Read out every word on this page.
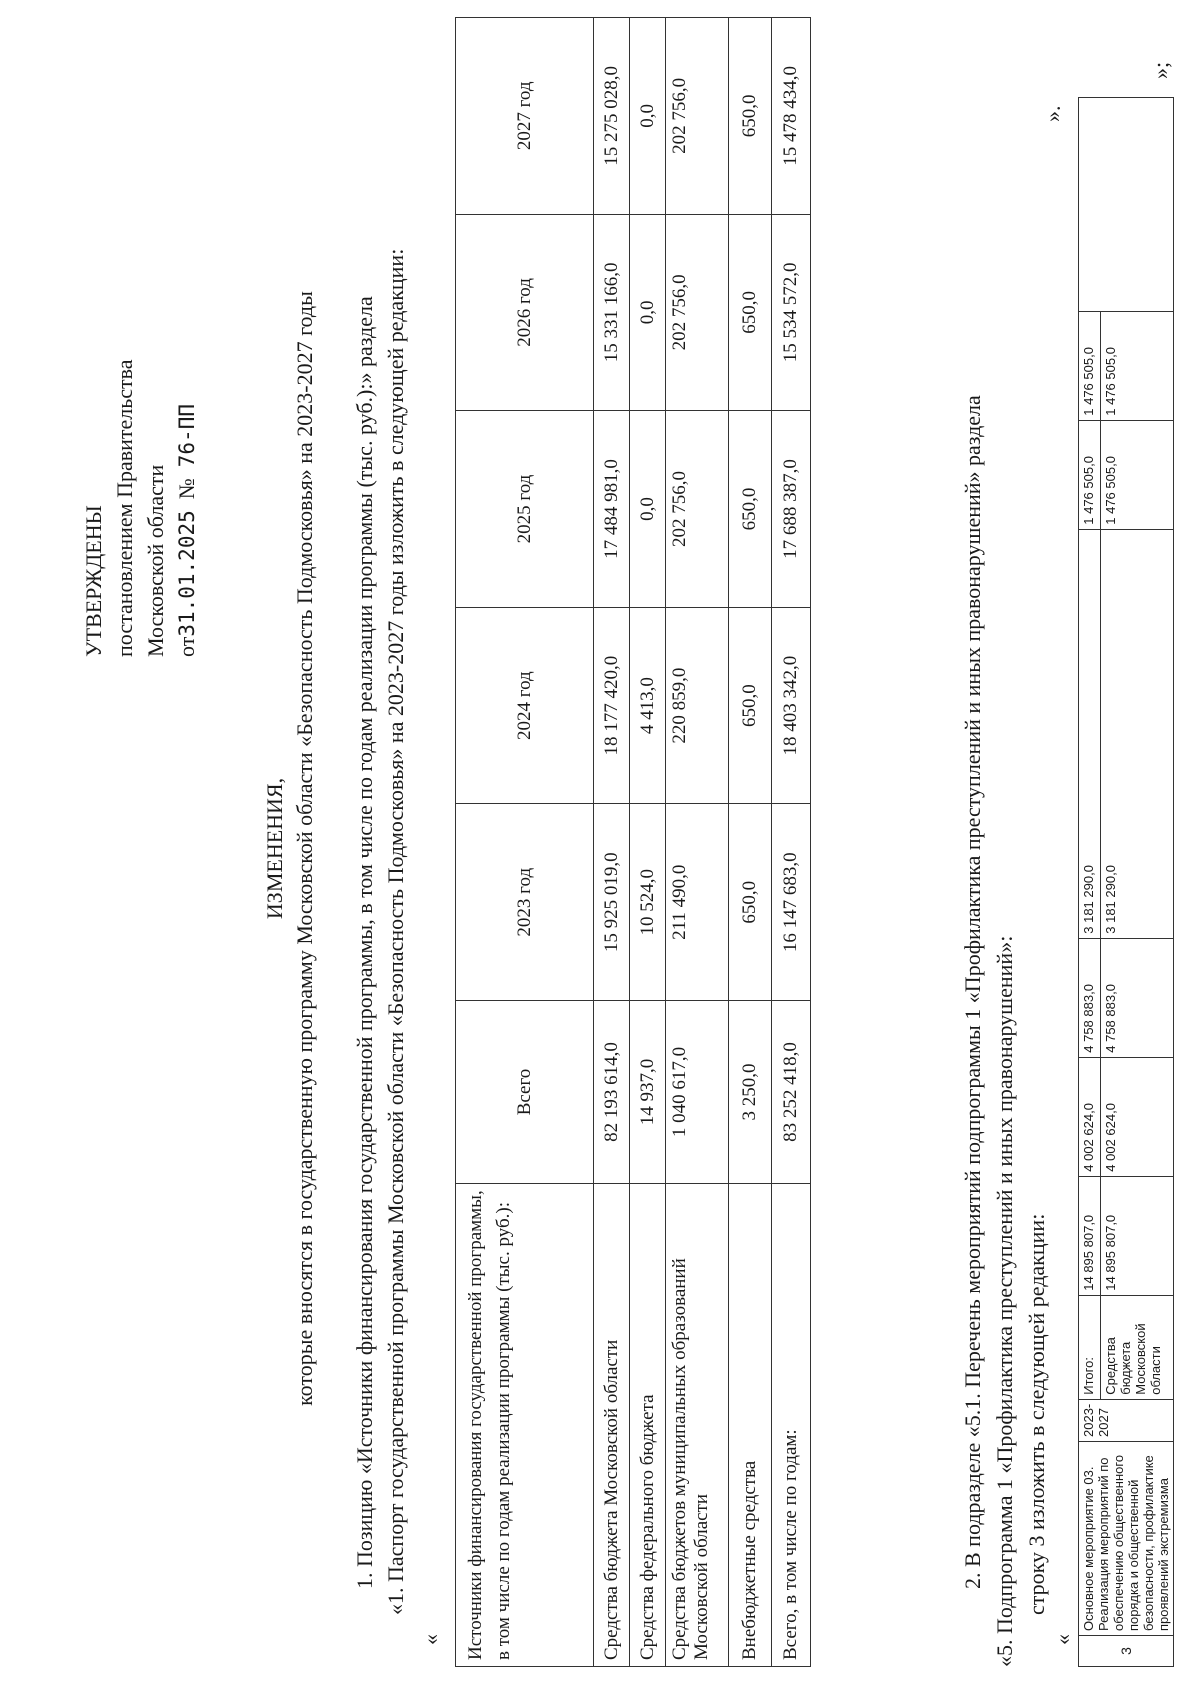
УТВЕРЖДЕНЫ постановлением Правительства Московской области от31.01.2025  №  76-ПП
ИЗМЕНЕНИЯ, которые вносятся в государственную программу Московской области «Безопасность Подмосковья» на 2023-2027 годы 1. Позицию «Источники финансирования государственной программы, в том числе по годам реализации программы (тыс. руб.):» раздела «1. Паспорт государственной программы Московской области «Безопасность Подмосковья» на 2023-2027 годы изложить в следующей редакции:
« Источники финансирования государственной программы, в том числе по годам реализации программы (тыс. руб.):	Всего	2023 год	2024 год	2025 год	2026 год	2027 год
Средства бюджета Московской области	82 193 614,0	15 925 019,0	18 177 420,0	17 484 981,0	15 331 166,0	15 275 028,0
Средства федерального бюджета	14 937,0	10 524,0	4 413,0	0,0	0,0	0,0
Средства бюджетов муниципальных образований Московской области	1 040 617,0	211 490,0	220 859,0	202 756,0	202 756,0	202 756,0
Внебюджетные средства	3 250,0	650,0	650,0	650,0	650,0	650,0
Всего, в том числе по годам:	83 252 418,0	16 147 683,0	18 403 342,0	17 688 387,0	15 534 572,0	15 478 434,0	».
2. В подразделе «5.1. Перечень мероприятий подпрограммы 1 «Профилактика преступлений и иных правонарушений» раздела «5. Подпрограмма 1 «Профилактика преступлений и иных правонарушений»: строку 3 изложить в следующей редакции:
«
3	Основное мероприятие 03. Реализация мероприятий по обеспечению общественного порядка и общественной безопасности, профилактике проявлений экстремизма	2023-2027	Итого:	14 895 807,0	4 002 624,0	4 758 883,0	3 181 290,0	1 476 505,0	1 476 505,0	
			Средства бюджета Московской области	14 895 807,0	4 002 624,0	4 758 883,0	3 181 290,0	1 476 505,0	1 476 505,0	
»;
